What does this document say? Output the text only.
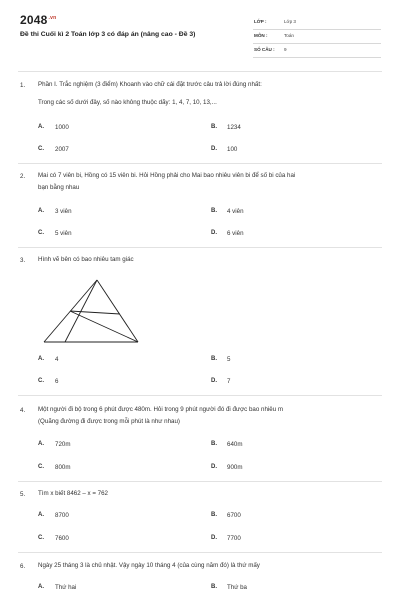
$2048^{.vn}$
Đề thi Cuối kì 2 Toán lớp 3 có đáp án (nâng cao - Đề 3)
LỚP :	Lớp 3
MÔN :	Toán
SỐ CÂU : 9
1. Phần I. Trắc nghiệm (3 điểm) Khoanh vào chữ cái đặt trước câu trả lời đúng nhất:
Trong các số dưới đây, số nào không thuộc dãy: 1, 4, 7, 10, 13,...
A. 1000	B. 1234
C. 2007	D. 100
2. Mai có 7 viên bi, Hồng có 15 viên bi. Hỏi Hồng phải cho Mai bao nhiêu viên bi để số bi của hai
bạn bằng nhau
A. 3 viên	B. 4 viên
C. 5 viên	D. 6 viên
3. Hình vẽ bên có bao nhiêu tam giác
A. 4	B. 5
C. 6	D. 7
4. Một người đi bộ trong 6 phút được 480m. Hỏi trong 9 phút người đó đi được bao nhiêu m
(Quãng đường đi được trong mỗi phút là như nhau)
A. 720m	B. 640m
C. 800m	D. 900m
5. Tìm x biết 8462 – x = 762
A. 8700	B. 6700
C. 7600	D. 7700
6. Ngày 25 tháng 3 là chủ nhật. Vậy ngày 10 tháng 4 (của cùng năm đó) là thứ mấy
A. Thứ hai	B. Thứ ba
